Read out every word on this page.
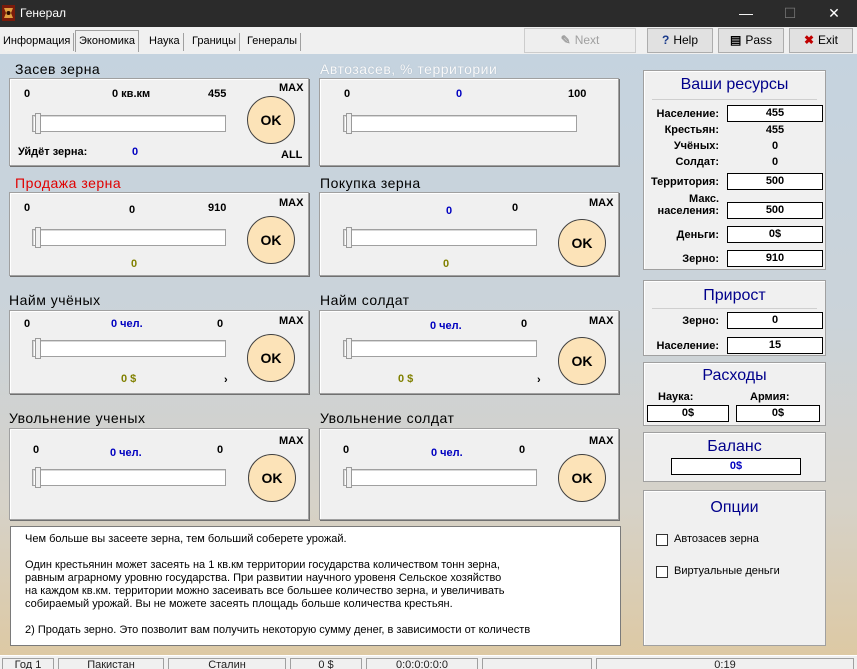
Генерал	—	☐	✕
Информация Экономика	Наука	Границы	Генералы	✎ Next	? Help	▤ Pass	✖ Exit
Засев зерна
0	0 кв.км	455	MAX
OK
Уйдёт зерна:	0	ALL
Автозасев, % территории
0	0	100
Продажа зерна
0	0	910	MAX
OK
0
Покупка зерна
0	0	MAX
OK
0
Найм учёных
0	0 чел.	0	MAX
OK
0 $	›
Найм солдат
0 чел.	0	MAX
OK
0 $	›
Увольнение ученых
0	0 чел.	0
MAX
OK
Увольнение солдат
0	0 чел.	0
MAX
OK

Чем больше вы засеете зерна, тем больший соберете урожай.

Один крестьянин может засеять на 1 кв.км территории государства количеством тонн зерна,
равным аграрному уровню государства. При развитии научного уровеня Сельское хозяйство
на каждом кв.км. территории можно засеивать все большее количество зерна, и увеличивать
собираемый урожай. Вы не можете засеять площадь больше количества крестьян.

2) Продать зерно. Это позволит вам получить некоторую сумму денег, в зависимости от количеств

Ваши ресурсы
Население:	455
Крестьян:	455
Учёных:	0
Солдат:	0
Территория:	500
Макс.
населения:	500
Деньги:	0$
Зерно:	910
Прирост
Зерно:	0
Население:	15
Расходы
Наука:	Армия:
0$	0$
Баланс
0$
Опции
Автозасев зерна
Виртуальные деньги
Год 1	Пакистан	Сталин	0 $	0:0:0:0:0:0	0:19
